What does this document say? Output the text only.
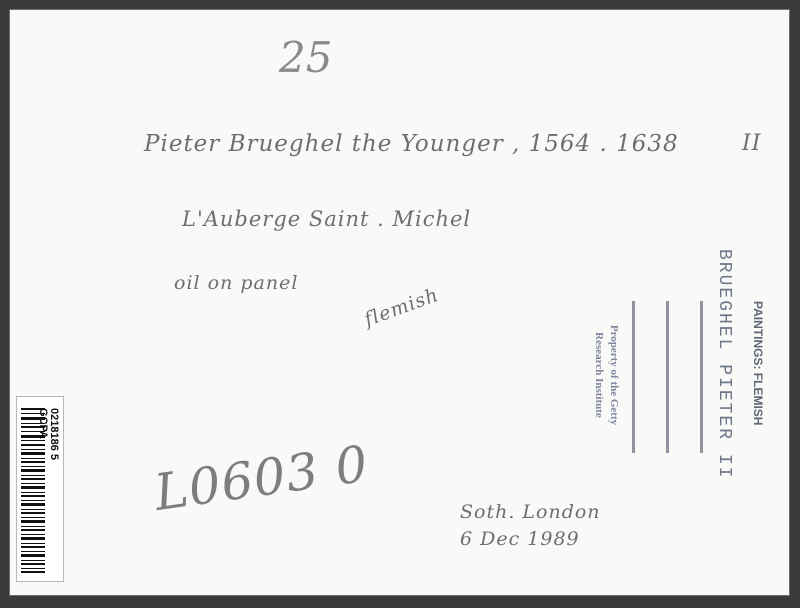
25
Pieter Brueghel the Younger , 1564 . 1638	II
L'Auberge Saint . Michel
oil on panel
flemish
L0603 0	Soth. London
6 Dec 1989
Property of the Getty
Research Institute	BRUEGHEL PIETER II PAINTINGS: FLEMISH
GCPA 0218186 5
